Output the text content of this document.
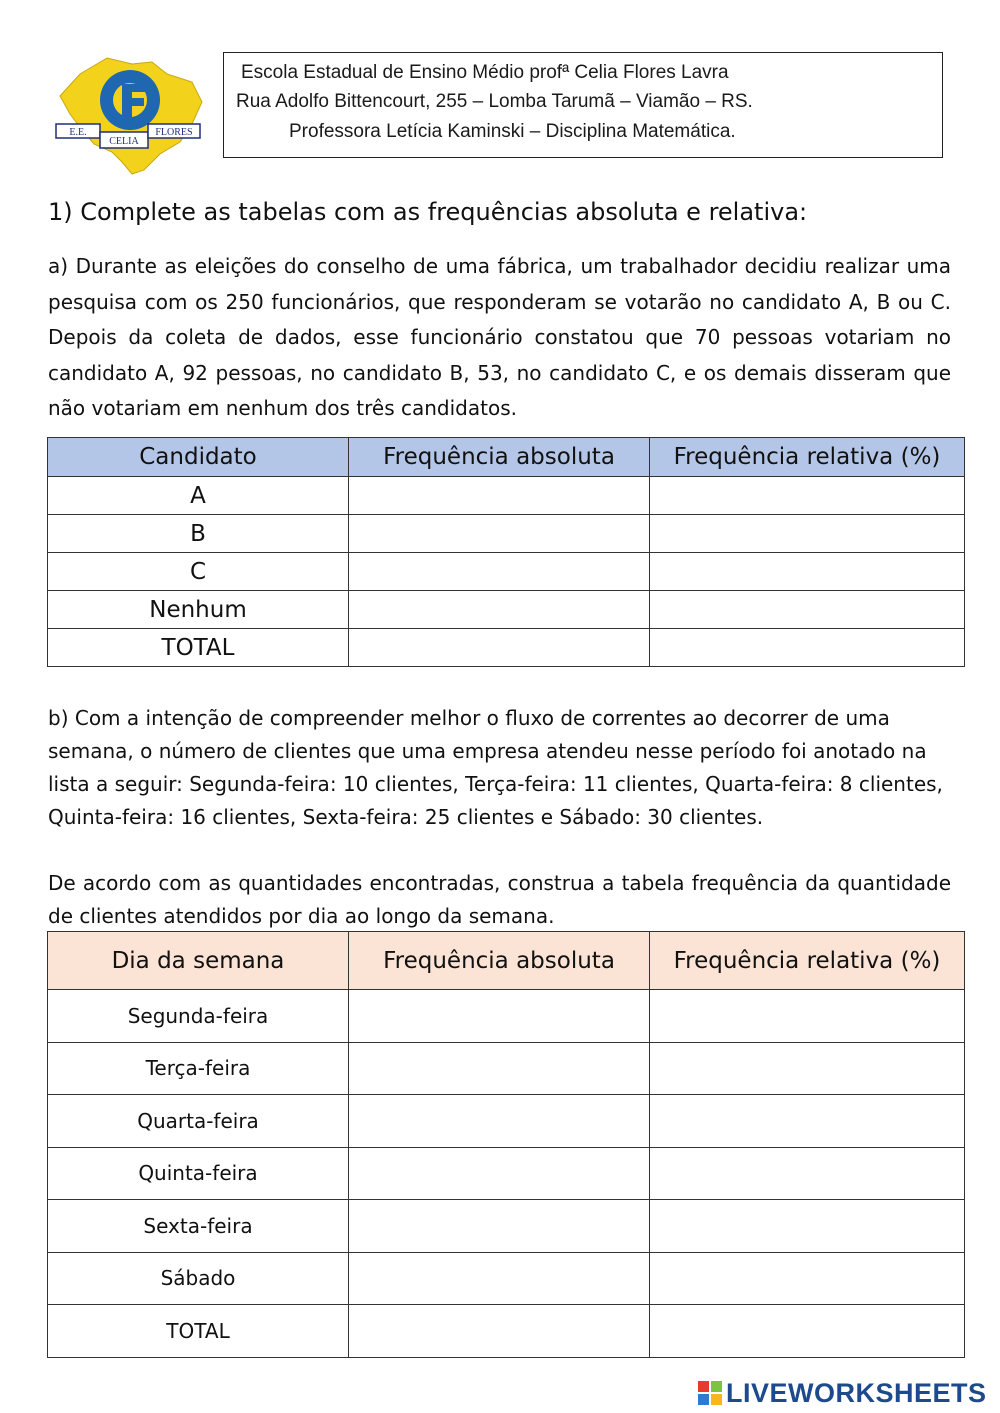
E.E.
CELIA
FLORES
Escola Estadual de Ensino Médio profª Celia Flores Lavra
Rua Adolfo Bittencourt, 255 – Lomba Tarumã – Viamão – RS.
Professora Letícia Kaminski – Disciplina Matemática.
1) Complete as tabelas com as frequências absoluta e relativa:

a) Durante as eleições do conselho de uma fábrica, um trabalhador decidiu realizar uma pesquisa com os 250 funcionários, que responderam se votarão no candidato A, B ou C. Depois da coleta de dados, esse funcionário constatou que 70 pessoas votariam no candidato A, 92 pessoas, no candidato B, 53, no candidato C, e os demais disseram que não votariam em nenhum dos três candidatos.

Candidato	Frequência absoluta	Frequência relativa (%)
A		
B		
C		
Nenhum		
TOTAL		

b) Com a intenção de compreender melhor o fluxo de correntes ao decorrer de uma semana, o número de clientes que uma empresa atendeu nesse período foi anotado na lista a seguir: Segunda-feira: 10 clientes, Terça-feira: 11 clientes, Quarta-feira: 8 clientes, Quinta-feira: 16 clientes, Sexta-feira: 25 clientes e Sábado: 30 clientes.

De acordo com as quantidades encontradas, construa a tabela frequência da quantidade de clientes atendidos por dia ao longo da semana.

Dia da semana	Frequência absoluta	Frequência relativa (%)
Segunda-feira		
Terça-feira		
Quarta-feira		
Quinta-feira		
Sexta-feira		
Sábado		
TOTAL		
LIVEWORKSHEETS
